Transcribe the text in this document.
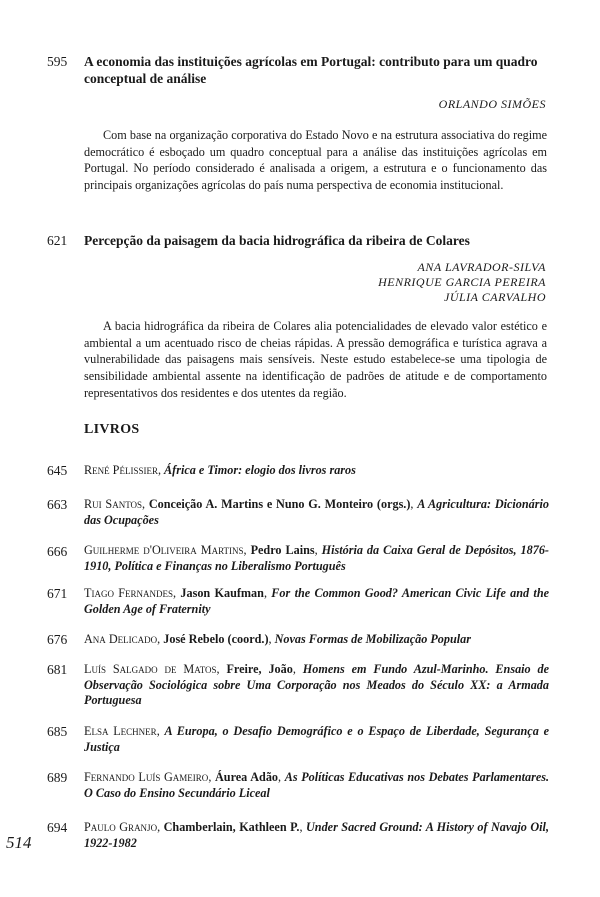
595 A economia das instituições agrícolas em Portugal: contributo para um quadro conceptual de análise
ORLANDO SIMÕES
Com base na organização corporativa do Estado Novo e na estrutura associativa do regime democrático é esboçado um quadro conceptual para a análise das instituições agrícolas em Portugal. No período considerado é analisada a origem, a estrutura e o funcionamento das principais organizações agrícolas do país numa perspectiva de economia institucional.
621 Percepção da paisagem da bacia hidrográfica da ribeira de Colares
ANA LAVRADOR-SILVA
HENRIQUE GARCIA PEREIRA
JÚLIA CARVALHO
A bacia hidrográfica da ribeira de Colares alia potencialidades de elevado valor estético e ambiental a um acentuado risco de cheias rápidas. A pressão demográfica e turística agrava a vulnerabilidade das paisagens mais sensíveis. Neste estudo estabelece-se uma tipologia de sensibilidade ambiental assente na identificação de padrões de atitude e de comportamento representativos dos residentes e dos utentes da região.
LIVROS
645 René Pélissier, África e Timor: elogio dos livros raros
663 Rui Santos, Conceição A. Martins e Nuno G. Monteiro (orgs.), A Agricultura: Dicionário das Ocupações
666 Guilherme d'Oliveira Martins, Pedro Lains, História da Caixa Geral de Depósitos, 1876-1910, Política e Finanças no Liberalismo Português
671 Tiago Fernandes, Jason Kaufman, For the Common Good? American Civic Life and the Golden Age of Fraternity
676 Ana Delicado, José Rebelo (coord.), Novas Formas de Mobilização Popular
681 Luís Salgado de Matos, Freire, João, Homens em Fundo Azul-Marinho. Ensaio de Observação Sociológica sobre Uma Corporação nos Meados do Século XX: a Armada Portuguesa
685 Elsa Lechner, A Europa, o Desafio Demográfico e o Espaço de Liberdade, Segurança e Justiça
689 Fernando Luís Gameiro, Áurea Adão, As Políticas Educativas nos Debates Parlamentares. O Caso do Ensino Secundário Liceal
694 Paulo Granjo, Chamberlain, Kathleen P., Under Sacred Ground: A History of Navajo Oil, 1922-1982
514
